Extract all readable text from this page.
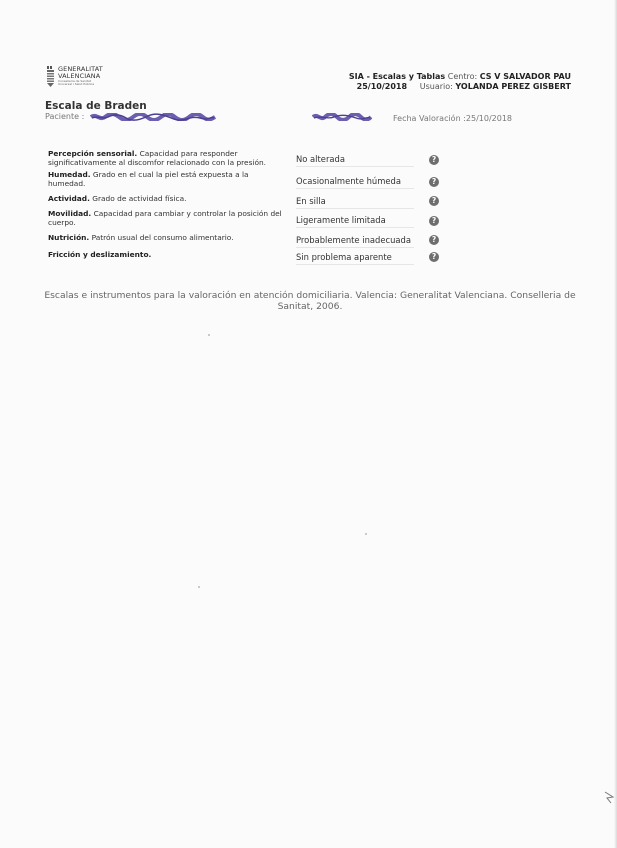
GENERALITAT
VALENCIANA
Conselleria de Sanitat
Universal i Salut Pública
SIA - Escalas y Tablas Centro: CS V SALVADOR PAU
25/10/2018 Usuario: YOLANDA PEREZ GISBERT
Escala de Braden
Paciente :	Fecha Valoración :25/10/2018
Percepción sensorial. Capacidad para responder significativamente al discomfor relacionado con la presión.	No alterada	?
Humedad. Grado en el cual la piel está expuesta a la humedad.	Ocasionalmente húmeda	?
Actividad. Grado de actividad física.	En silla	?
Movilidad. Capacidad para cambiar y controlar la posición del cuerpo.	Ligeramente limitada	?
Nutrición. Patrón usual del consumo alimentario.	Probablemente inadecuada	?
Fricción y deslizamiento.	Sin problema aparente	?
Escalas e instrumentos para la valoración en atención domiciliaria. Valencia: Generalitat Valenciana. Conselleria de Sanitat, 2006.
